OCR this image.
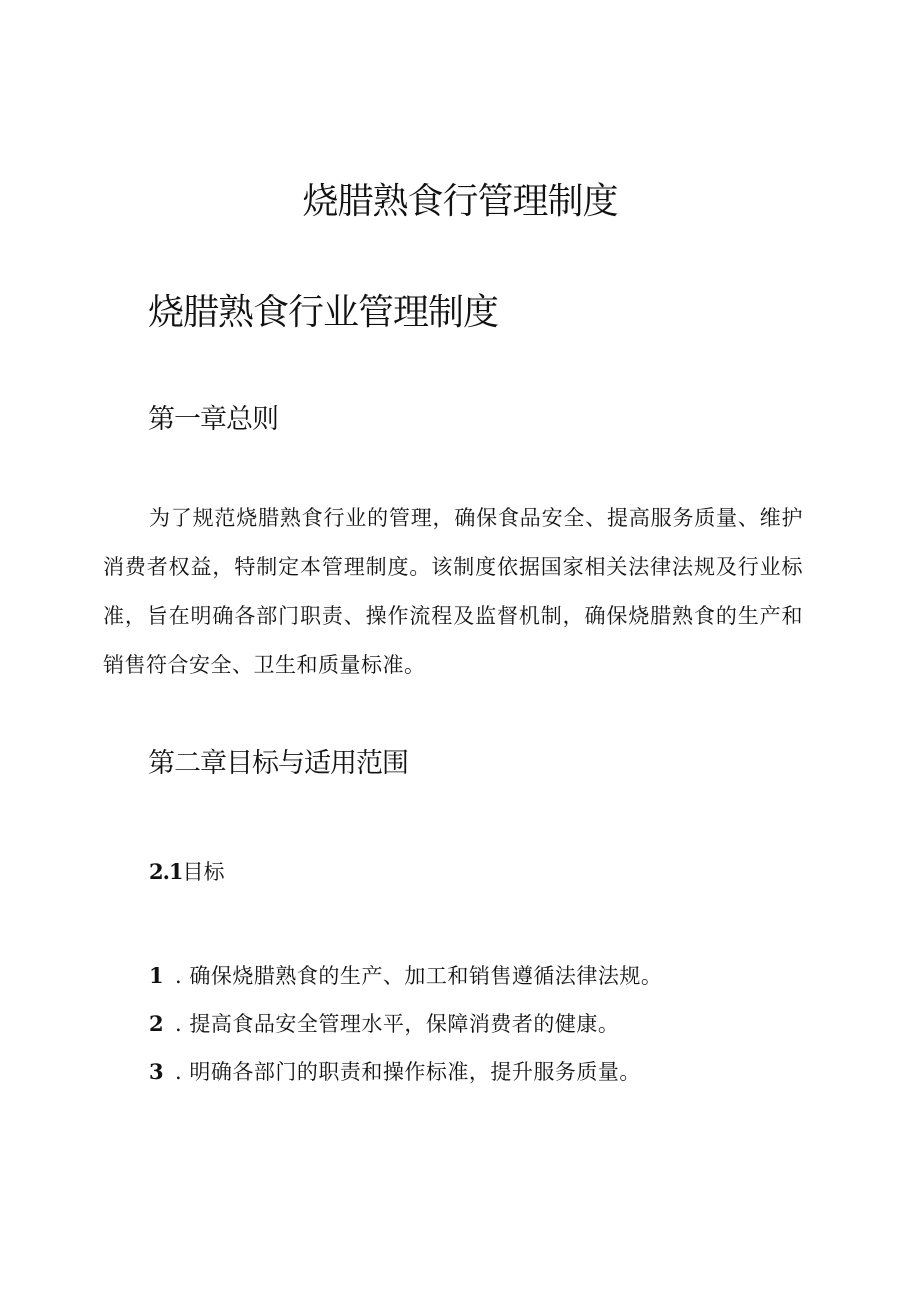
烧腊熟食行管理制度
烧腊熟食行业管理制度
第一章总则

为了规范烧腊熟食行业的管理，确保食品安全、提高服务质量、维护消费者权益，特制定本管理制度。该制度依据国家相关法律法规及行业标准，旨在明确各部门职责、操作流程及监督机制，确保烧腊熟食的生产和销售符合安全、卫生和质量标准。

第二章目标与适用范围
2.1目标
1 . 确保烧腊熟食的生产、加工和销售遵循法律法规。
2 . 提高食品安全管理水平，保障消费者的健康。
3 . 明确各部门的职责和操作标准，提升服务质量。
